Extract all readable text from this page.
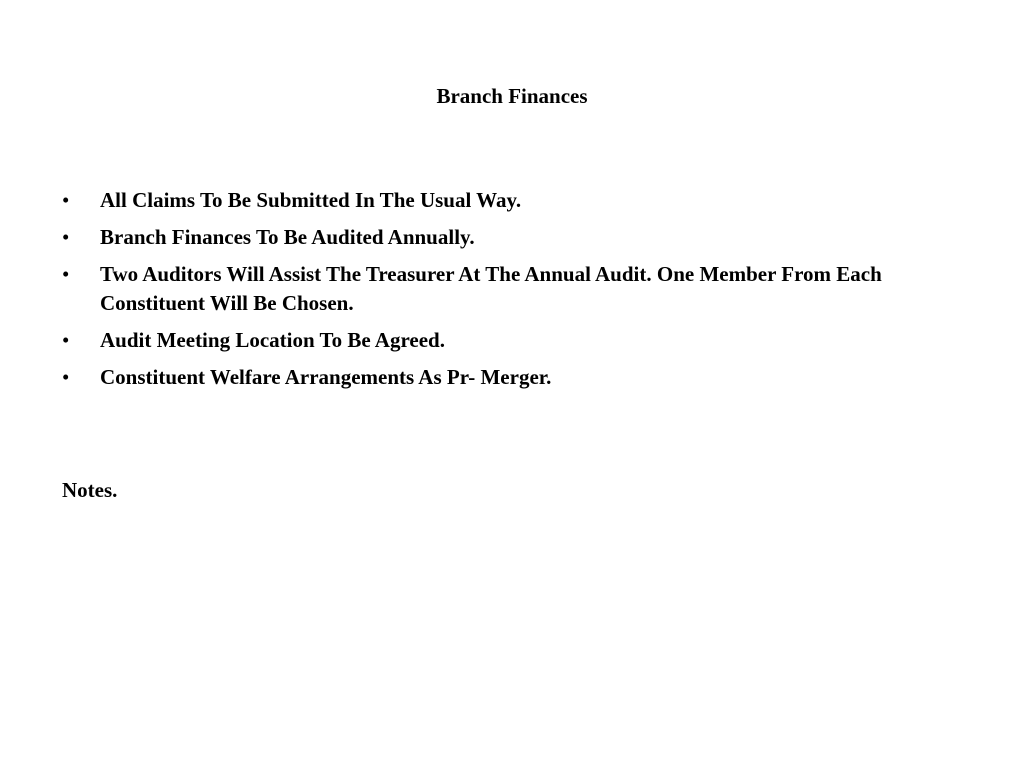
Branch Finances
• All Claims To Be Submitted In The Usual Way.
• Branch Finances To Be Audited Annually.
• Two Auditors Will Assist The Treasurer At The Annual Audit. One Member From Each Constituent Will Be Chosen.
• Audit Meeting Location To Be Agreed.
• Constituent Welfare Arrangements As Pr- Merger.

Notes.
